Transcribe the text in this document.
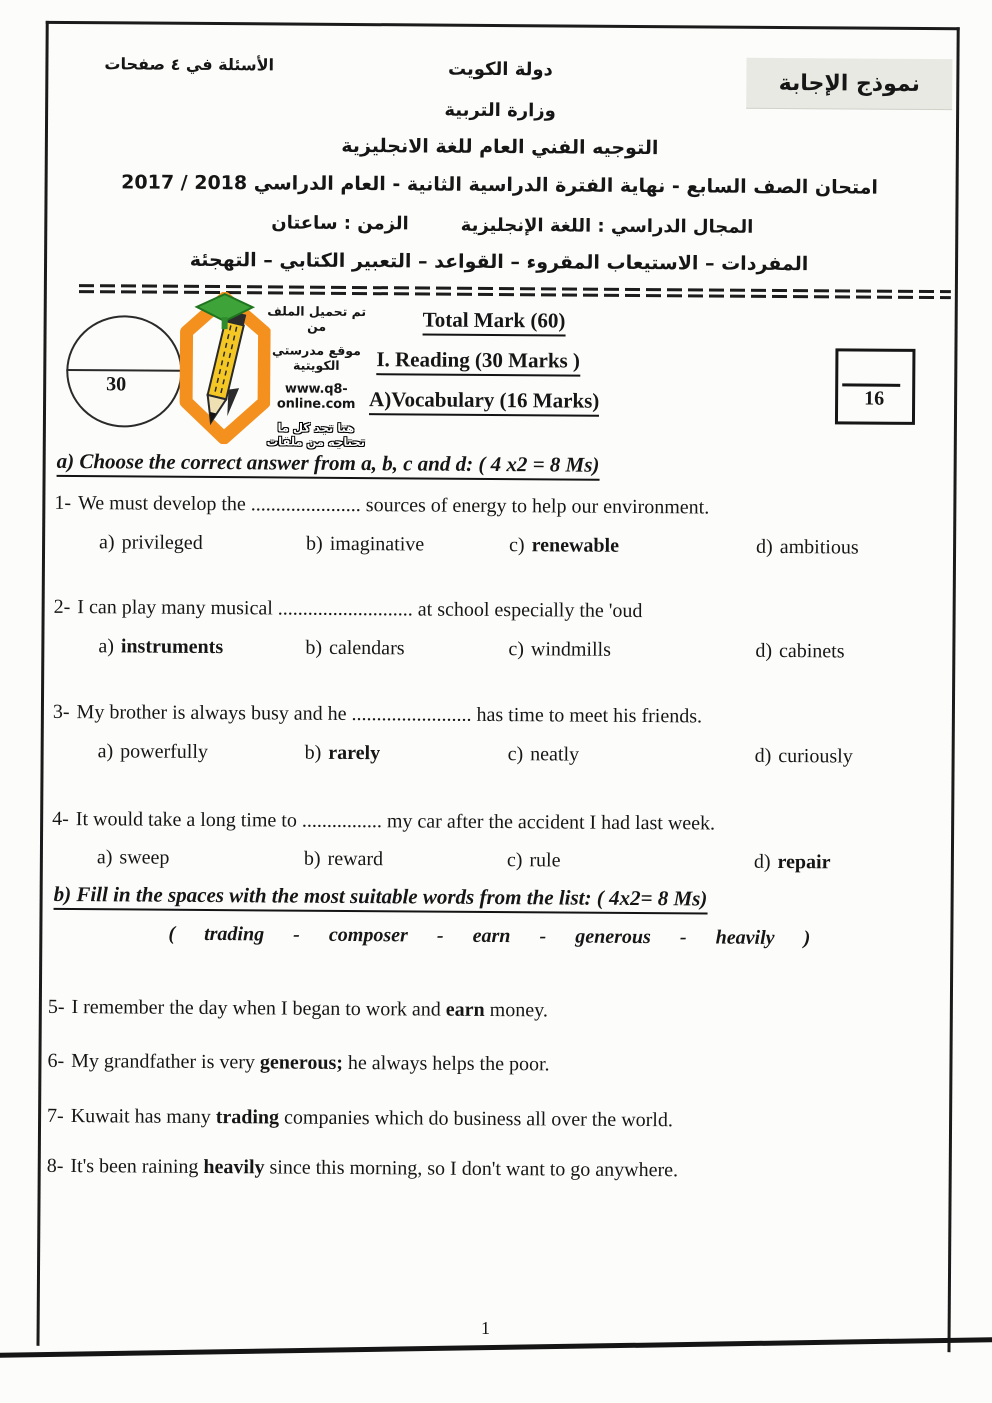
نموذج الإجابة
الأسئلة في ٤ صفحات	دولة الكويت
وزارة التربية
التوجيه الفني العام للغة الانجليزية
امتحان الصف السابع - نهاية الفترة الدراسية الثانية - العام الدراسي 2018 / 2017
المجال الدراسي : اللغة الإنجليزية
الزمن : ساعتان
المفردات – الاستيعاب المقروء – القواعد – التعبير الكتابي – التهجئة
30
تم تحميل الملف من
موقع مدرستي الكويتية
www.q8-online.com
هنا تجد كل ما تحتاجه من ملفات
Total Mark (60)
I. Reading (30 Marks )
A)Vocabulary (16 Marks)	16
a) Choose the correct answer from a, b, c and d: ( 4 x2 = 8 Ms)
1- We must develop the ...................... sources of energy to help our environment.
a) privileged	b) imaginative	c) renewable	d) ambitious
2- I can play many musical ........................... at school especially the 'oud
a) instruments	b) calendars	c) windmills	d) cabinets
3- My brother is always busy and he ........................ has time to meet his friends.
a) powerfully	b) rarely	c) neatly	d) curiously
4- It would take a long time to ................ my car after the accident I had last week.
a) sweep	b) reward	c) rule	d) repair
b) Fill in the spaces with the most suitable words from the list: ( 4x2= 8 Ms)
( trading - composer - earn - generous - heavily )
5- I remember the day when I began to work and earn money.
6- My grandfather is very generous; he always helps the poor.
7- Kuwait has many trading companies which do business all over the world.
8- It's been raining heavily since this morning, so I don't want to go anywhere.
1
